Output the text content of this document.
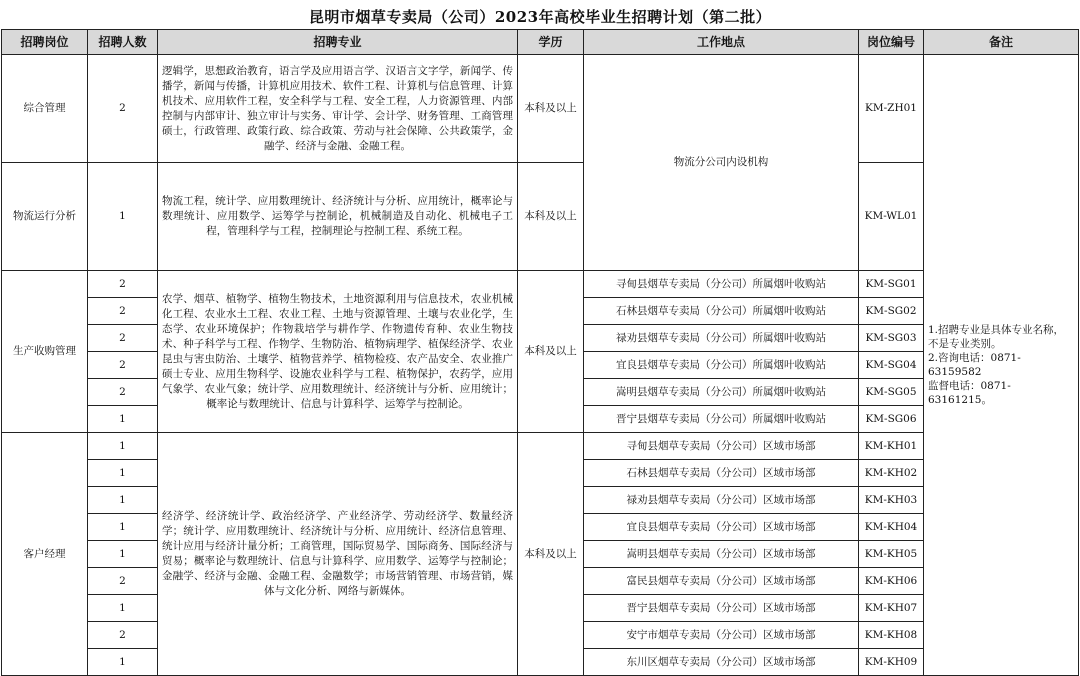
昆明市烟草专卖局（公司）2023年高校毕业生招聘计划（第二批）
招聘岗位	招聘人数	招聘专业	学历	工作地点	岗位编号	备注
综合管理	2	逻辑学，思想政治教育，语言学及应用语言学、汉语言文字学，新闻学、传播学，新闻与传播，计算机应用技术、软件工程、计算机与信息管理、计算机技术、应用软件工程，安全科学与工程、安全工程，人力资源管理、内部控制与内部审计、独立审计与实务、审计学、会计学、财务管理、工商管理硕士，行政管理、政策行政、综合政策、劳动与社会保障、公共政策学，金融学、经济与金融、金融工程。	本科及以上	物流分公司内设机构	KM-ZH01	1.招聘专业是具体专业名称，不是专业类别。
2.咨询电话：0871-63159582
监督电话：0871-63161215。

物流运行分析	1	物流工程，统计学、应用数理统计、经济统计与分析、应用统计，概率论与数理统计、应用数学、运筹学与控制论，机械制造及自动化、机械电子工程，管理科学与工程，控制理论与控制工程、系统工程。	本科及以上		KM-WL01	
生产收购管理	2	农学、烟草、植物学、植物生物技术，土地资源利用与信息技术，农业机械化工程、农业水土工程、农业工程、土地与资源管理、土壤与农业化学，生态学、农业环境保护；作物栽培学与耕作学、作物遗传育种、农业生物技术、种子科学与工程、作物学、生物防治、植物病理学、植保经济学、农业昆虫与害虫防治、土壤学、植物营养学、植物检疫、农产品安全、农业推广硕士专业、应用生物科学、设施农业科学与工程、植物保护，农药学，应用气象学、农业气象；统计学、应用数理统计、经济统计与分析、应用统计；概率论与数理统计、信息与计算科学、运筹学与控制论。	本科及以上	寻甸县烟草专卖局（分公司）所属烟叶收购站	KM-SG01	
	2			石林县烟草专卖局（分公司）所属烟叶收购站	KM-SG02	
	2			禄劝县烟草专卖局（分公司）所属烟叶收购站	KM-SG03	
	2			宜良县烟草专卖局（分公司）所属烟叶收购站	KM-SG04	
	2			嵩明县烟草专卖局（分公司）所属烟叶收购站	KM-SG05	
	1			晋宁县烟草专卖局（分公司）所属烟叶收购站	KM-SG06	
客户经理	1	经济学、经济统计学、政治经济学、产业经济学、劳动经济学、数量经济学；统计学、应用数理统计、经济统计与分析、应用统计、经济信息管理、统计应用与经济计量分析；工商管理，国际贸易学、国际商务、国际经济与贸易；概率论与数理统计、信息与计算科学、应用数学、运筹学与控制论；金融学、经济与金融、金融工程、金融数学；市场营销管理、市场营销，媒体与文化分析、网络与新媒体。	本科及以上	寻甸县烟草专卖局（分公司）区域市场部	KM-KH01	
	1			石林县烟草专卖局（分公司）区域市场部	KM-KH02	
	1			禄劝县烟草专卖局（分公司）区域市场部	KM-KH03	
	1			宜良县烟草专卖局（分公司）区域市场部	KM-KH04	
	1			嵩明县烟草专卖局（分公司）区域市场部	KM-KH05	
	2			富民县烟草专卖局（分公司）区域市场部	KM-KH06	
	1			晋宁县烟草专卖局（分公司）区域市场部	KM-KH07	
	2			安宁市烟草专卖局（分公司）区域市场部	KM-KH08	
	1			东川区烟草专卖局（分公司）区域市场部	KM-KH09	
